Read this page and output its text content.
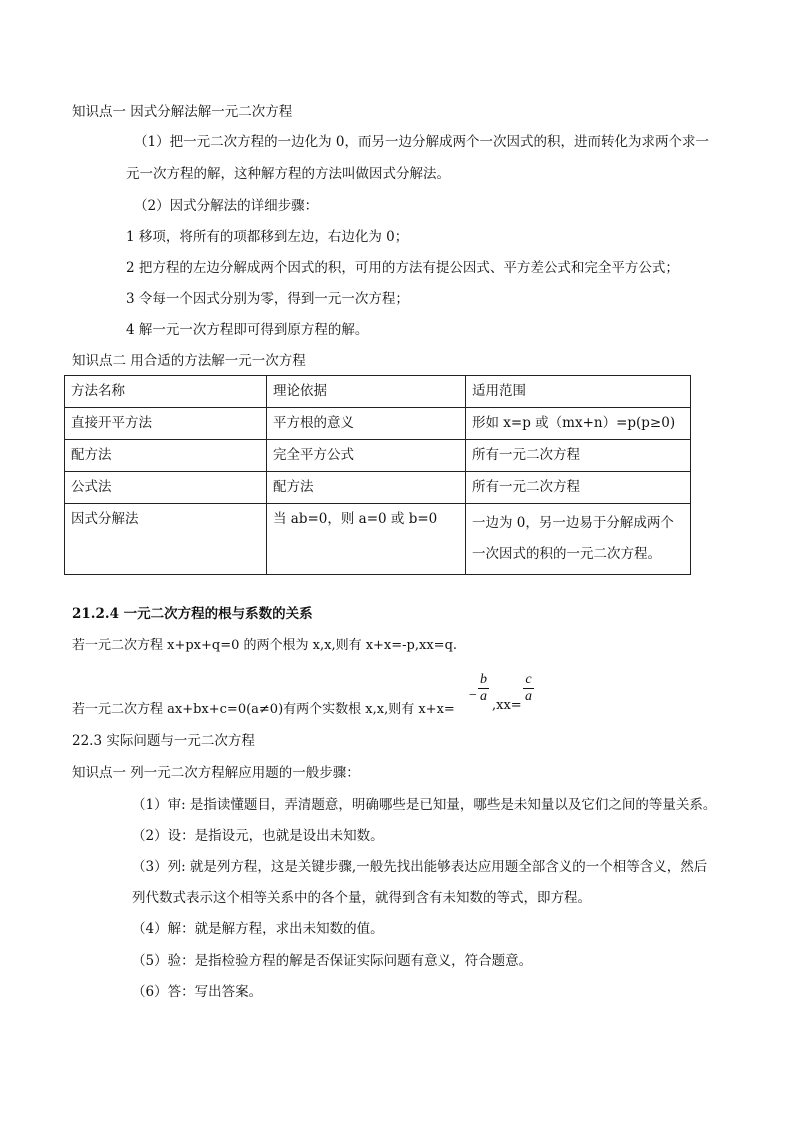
知识点一 因式分解法解一元二次方程
（1）把一元二次方程的一边化为 0，而另一边分解成两个一次因式的积，进而转化为求两个求一
元一次方程的解，这种解方程的方法叫做因式分解法。
（2）因式分解法的详细步骤：
1 移项，将所有的项都移到左边，右边化为 0；
2 把方程的左边分解成两个因式的积，可用的方法有提公因式、平方差公式和完全平方公式；
3 令每一个因式分别为零，得到一元一次方程；
4 解一元一次方程即可得到原方程的解。
知识点二 用合适的方法解一元一次方程
方法名称	理论依据	适用范围
直接开平方法	平方根的意义	形如 x=p 或（mx+n）=p(p≥0)
配方法	完全平方公式	所有一元二次方程
公式法	配方法	所有一元二次方程
因式分解法	当 ab=0，则 a=0 或 b=0	一边为 0，另一边易于分解成两个一次因式的积的一元二次方程。
21.2.4 一元二次方程的根与系数的关系
若一元二次方程 x+px+q=0 的两个根为 x,x,则有 x+x=-p,xx=q.
若一元二次方程 ax+bx+c=0(a≠0)有两个实数根 x,x,则有 x+x=
−
b
a
,xx=
c
a
22.3 实际问题与一元二次方程
知识点一 列一元二次方程解应用题的一般步骤：
（1）审: 是指读懂题目，弄清题意，明确哪些是已知量，哪些是未知量以及它们之间的等量关系。
（2）设：是指设元，也就是设出未知数。
（3）列: 就是列方程，这是关键步骤,一般先找出能够表达应用题全部含义的一个相等含义，然后
列代数式表示这个相等关系中的各个量，就得到含有未知数的等式，即方程。
（4）解：就是解方程，求出未知数的值。
（5）验：是指检验方程的解是否保证实际问题有意义，符合题意。
（6）答：写出答案。
